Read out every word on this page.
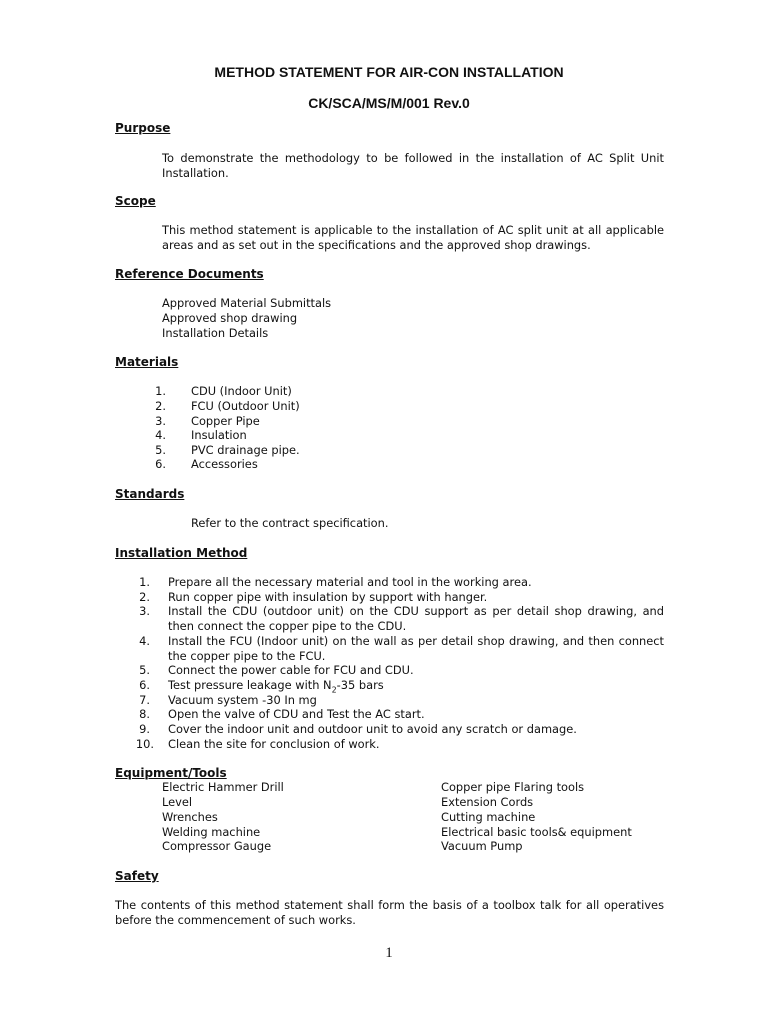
METHOD STATEMENT FOR AIR-CON INSTALLATION
CK/SCA/MS/M/001 Rev.0
Purpose

To demonstrate the methodology to be followed in the installation of AC Split Unit Installation.

Scope

This method statement is applicable to the installation of AC split unit at all applicable areas and as set out in the specifications and the approved shop drawings.

Reference Documents

Approved Material Submittals

Approved shop drawing

Installation Details

Materials
1. CDU (Indoor Unit)
2. FCU (Outdoor Unit)
3. Copper Pipe
4. Insulation
5. PVC drainage pipe.
6. Accessories
Standards

Refer to the contract specification.

Installation Method
1. Prepare all the necessary material and tool in the working area.

2. Run copper pipe with insulation by support with hanger.

3. Install the CDU (outdoor unit) on the CDU support as per detail shop drawing, and then connect the copper pipe to the CDU.

4. Install the FCU (Indoor unit) on the wall as per detail shop drawing, and then connect the copper pipe to the FCU.

5. Connect the power cable for FCU and CDU.

6. Test pressure leakage with $N_2-35$ bars

7. Vacuum system -30 In mg

8. Open the valve of CDU and Test the AC start.

9. Cover the indoor unit and outdoor unit to avoid any scratch or damage.

10. Clean the site for conclusion of work.

Equipment/Tools

Electric Hammer Drill

Level

Wrenches

Welding machine

Compressor Gauge

Copper pipe Flaring tools

Extension Cords

Cutting machine

Electrical basic tools& equipment

Vacuum Pump

Safety

The contents of this method statement shall form the basis of a toolbox talk for all operatives before the commencement of such works.

1
